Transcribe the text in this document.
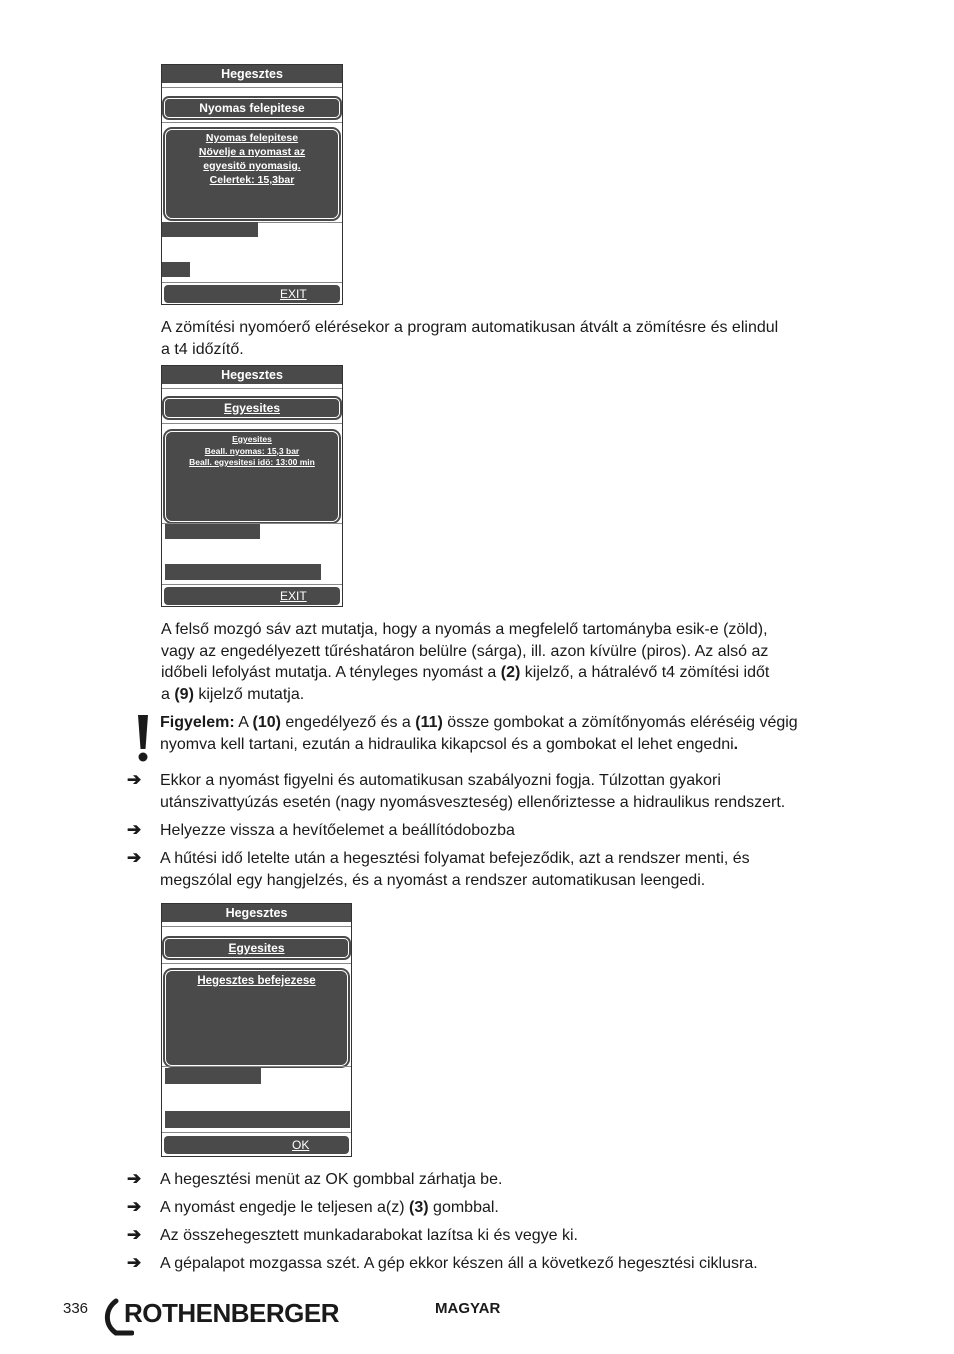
Hegesztes
Nyomas felepitese
Nyomas felepitese
Növelje a nyomast az
egyesitö nyomasig.
Celertek: 15,3bar
EXIT

A zömítési nyomóerő elérésekor a program automatikusan átvált a zömítésre és elindul
a t4 időzítő.

Hegesztes
Egyesites
Egyesites
Beall. nyomas: 15,3 bar
Beall. egyesitesi idö: 13:00 min
EXIT

A felső mozgó sáv azt mutatja, hogy a nyomás a megfelelő tartományba esik-e (zöld),
vagy az engedélyezett tűréshatáron belülre (sárga), ill. azon kívülre (piros). Az alsó az
időbeli lefolyást mutatja. A tényleges nyomást a (2) kijelző, a hátralévő t4 zömítési időt
a (9) kijelző mutatja.

Figyelem: A (10) engedélyező és a (11) össze gombokat a zömítőnyomás eléréséig végig
nyomva kell tartani, ezután a hidraulika kikapcsol és a gombokat el lehet engedni.

➔ Ekkor a nyomást figyelni és automatikusan szabályozni fogja. Túlzottan gyakori
utánszivattyúzás esetén (nagy nyomásveszteség) ellenőriztesse a hidraulikus rendszert.

➔ Helyezze vissza a hevítőelemet a beállítódobozba

➔ A hűtési idő letelte után a hegesztési folyamat befejeződik, azt a rendszer menti, és
megszólal egy hangjelzés, és a nyomást a rendszer automatikusan leengedi.

Hegesztes
Egyesites
Hegesztes befejezese
OK
➔ A hegesztési menüt az OK gombbal zárhatja be.

➔ A nyomást engedje le teljesen a(z) (3) gombbal.

➔ Az összehegesztett munkadarabokat lazítsa ki és vegye ki.

➔ A gépalapot mozgassa szét. A gép ekkor készen áll a következő hegesztési ciklusra.

336 ROTHENBERGER	MAGYAR
